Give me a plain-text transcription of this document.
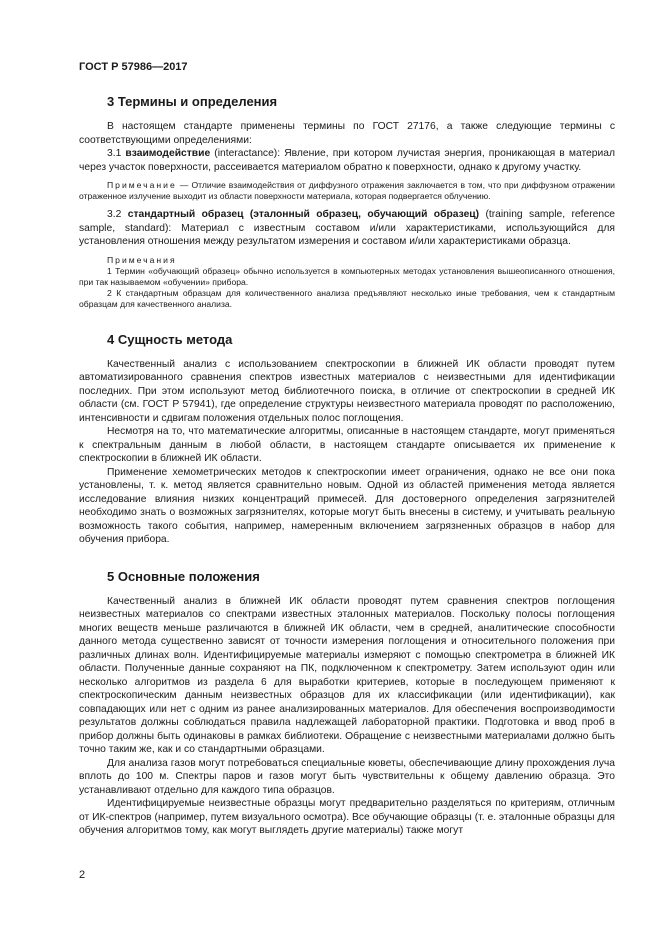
ГОСТ Р 57986—2017
3 Термины и определения

В настоящем стандарте применены термины по ГОСТ 27176, а также следующие термины с соответствующими определениями:

3.1 взаимодействие (interactance): Явление, при котором лучистая энергия, проникающая в материал через участок поверхности, рассеивается материалом обратно к поверхности, однако к другому участку.

Примечание — Отличие взаимодействия от диффузного отражения заключается в том, что при диффузном отражении отраженное излучение выходит из области поверхности материала, которая подвергается облучению.

3.2 стандартный образец (эталонный образец, обучающий образец) (training sample, reference sample, standard): Материал с известным составом и/или характеристиками, использующийся для установления отношения между результатом измерения и составом и/или характеристиками образца.

Примечания

1 Термин «обучающий образец» обычно используется в компьютерных методах установления вышеописанного отношения, при так называемом «обучении» прибора.

2 К стандартным образцам для количественного анализа предъявляют несколько иные требования, чем к стандартным образцам для качественного анализа.

4 Сущность метода

Качественный анализ с использованием спектроскопии в ближней ИК области проводят путем автоматизированного сравнения спектров известных материалов с неизвестными для идентификации последних. При этом используют метод библиотечного поиска, в отличие от спектроскопии в средней ИК области (см. ГОСТ Р 57941), где определение структуры неизвестного материала проводят по расположению, интенсивности и сдвигам положения отдельных полос поглощения.

Несмотря на то, что математические алгоритмы, описанные в настоящем стандарте, могут применяться к спектральным данным в любой области, в настоящем стандарте описывается их применение к спектроскопии в ближней ИК области.

Применение хемометрических методов к спектроскопии имеет ограничения, однако не все они пока установлены, т. к. метод является сравнительно новым. Одной из областей применения метода является исследование влияния низких концентраций примесей. Для достоверного определения загрязнителей необходимо знать о возможных загрязнителях, которые могут быть внесены в систему, и учитывать реальную возможность такого события, например, намеренным включением загрязненных образцов в набор для обучения прибора.

5 Основные положения

Качественный анализ в ближней ИК области проводят путем сравнения спектров поглощения неизвестных материалов со спектрами известных эталонных материалов. Поскольку полосы поглощения многих веществ меньше различаются в ближней ИК области, чем в средней, аналитические способности данного метода существенно зависят от точности измерения поглощения и относительного положения при различных длинах волн. Идентифицируемые материалы измеряют с помощью спектрометра в ближней ИК области. Полученные данные сохраняют на ПК, подключенном к спектрометру. Затем используют один или несколько алгоритмов из раздела 6 для выработки критериев, которые в последующем применяют к спектроскопическим данным неизвестных образцов для их классификации (или идентификации), как совпадающих или нет с одним из ранее анализированных материалов. Для обеспечения воспроизводимости результатов должны соблюдаться правила надлежащей лабораторной практики. Подготовка и ввод проб в прибор должны быть одинаковы в рамках библиотеки. Обращение с неизвестными материалами должно быть точно таким же, как и со стандартными образцами.

Для анализа газов могут потребоваться специальные кюветы, обеспечивающие длину прохождения луча вплоть до 100 м. Спектры паров и газов могут быть чувствительны к общему давлению образца. Это устанавливают отдельно для каждого типа образцов.

Идентифицируемые неизвестные образцы могут предварительно разделяться по критериям, отличным от ИК-спектров (например, путем визуального осмотра). Все обучающие образцы (т. е. эталонные образцы для обучения алгоритмов тому, как могут выглядеть другие материалы) также могут

2
